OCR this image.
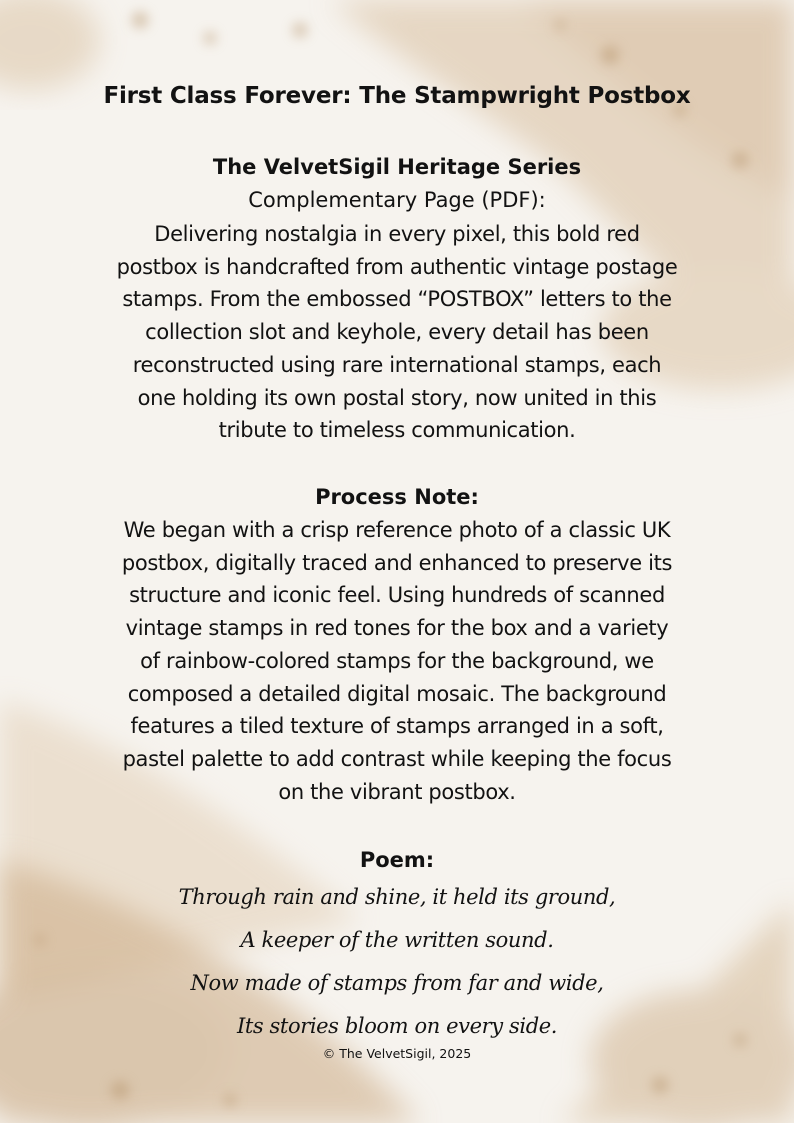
First Class Forever: The Stampwright Postbox
The VelvetSigil Heritage Series
Complementary Page (PDF):

Delivering nostalgia in every pixel, this bold red
postbox is handcrafted from authentic vintage postage
stamps. From the embossed “POSTBOX” letters to the
collection slot and keyhole, every detail has been
reconstructed using rare international stamps, each
one holding its own postal story, now united in this
tribute to timeless communication.

Process Note:

We began with a crisp reference photo of a classic UK
postbox, digitally traced and enhanced to preserve its
structure and iconic feel. Using hundreds of scanned
vintage stamps in red tones for the box and a variety
of rainbow-colored stamps for the background, we
composed a detailed digital mosaic. The background
features a tiled texture of stamps arranged in a soft,
pastel palette to add contrast while keeping the focus
on the vibrant postbox.

Poem:
Through rain and shine, it held its ground,
A keeper of the written sound.
Now made of stamps from far and wide,
Its stories bloom on every side.
© The VelvetSigil, 2025
